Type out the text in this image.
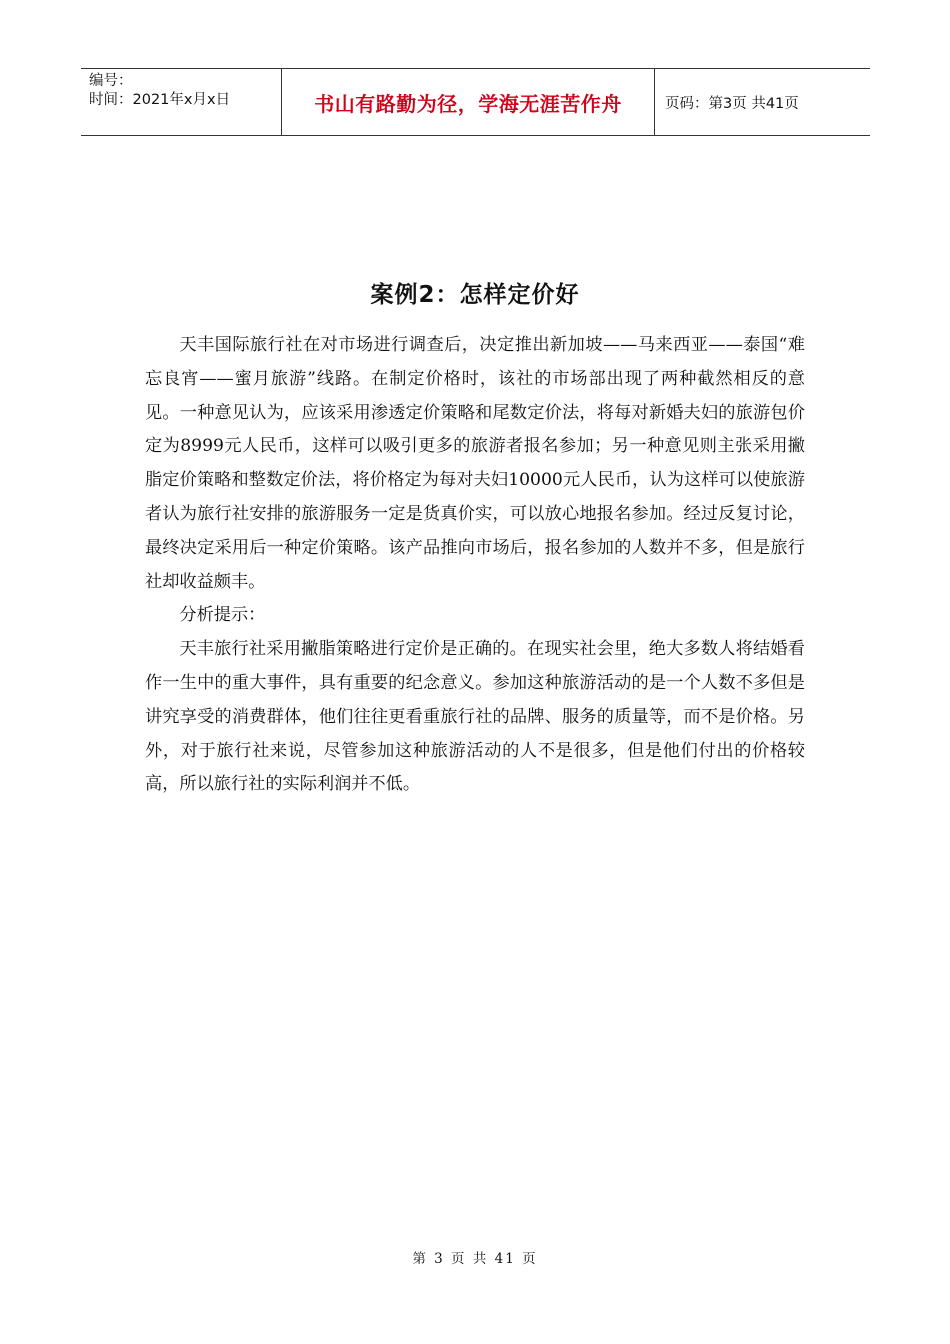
编号：
时间：2021年x月x日	书山有路勤为径，学海无涯苦作舟	页码：第3页 共41页
案例2：怎样定价好

天丰国际旅行社在对市场进行调查后，决定推出新加坡——马来西亚——泰国“难忘良宵——蜜月旅游”线路。在制定价格时，该社的市场部出现了两种截然相反的意见。一种意见认为，应该采用渗透定价策略和尾数定价法，将每对新婚夫妇的旅游包价定为8999元人民币，这样可以吸引更多的旅游者报名参加；另一种意见则主张采用撇脂定价策略和整数定价法，将价格定为每对夫妇10000元人民币，认为这样可以使旅游者认为旅行社安排的旅游服务一定是货真价实，可以放心地报名参加。经过反复讨论，最终决定采用后一种定价策略。该产品推向市场后，报名参加的人数并不多，但是旅行社却收益颇丰。

分析提示：

天丰旅行社采用撇脂策略进行定价是正确的。在现实社会里，绝大多数人将结婚看作一生中的重大事件，具有重要的纪念意义。参加这种旅游活动的是一个人数不多但是讲究享受的消费群体，他们往往更看重旅行社的品牌、服务的质量等，而不是价格。另外，对于旅行社来说，尽管参加这种旅游活动的人不是很多，但是他们付出的价格较高，所以旅行社的实际利润并不低。

第 3 页 共 41 页
